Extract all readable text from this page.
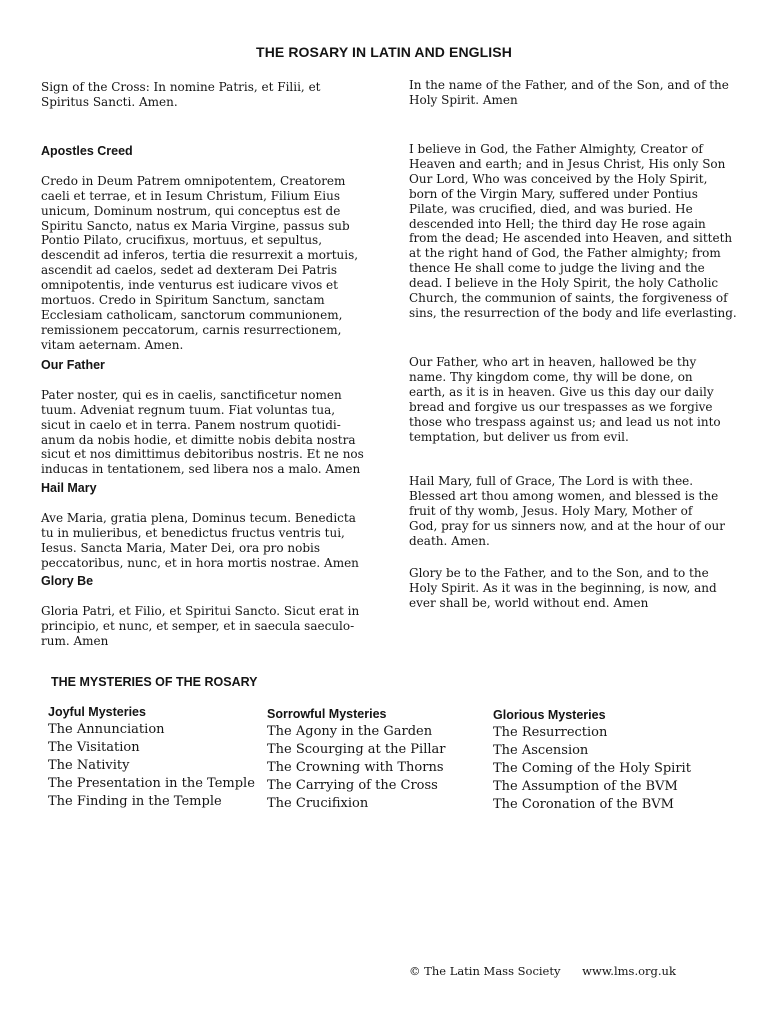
THE ROSARY IN LATIN AND ENGLISH

Sign of the Cross: In nomine Patris, et Filii, et
Spiritus Sancti. Amen.

Apostles Creed

Credo in Deum Patrem omnipotentem, Creatorem
caeli et terrae, et in Iesum Christum, Filium Eius
unicum, Dominum nostrum, qui conceptus est de
Spiritu Sancto, natus ex Maria Virgine, passus sub
Pontio Pilato, crucifixus, mortuus, et sepultus,
descendit ad inferos, tertia die resurrexit a mortuis,
ascendit ad caelos, sedet ad dexteram Dei Patris
omnipotentis, inde venturus est iudicare vivos et
mortuos. Credo in Spiritum Sanctum, sanctam
Ecclesiam catholicam, sanctorum communionem,
remissionem peccatorum, carnis resurrectionem,
vitam aeternam. Amen.

Our Father

Pater noster, qui es in caelis, sanctificetur nomen
tuum. Adveniat regnum tuum. Fiat voluntas tua,
sicut in caelo et in terra. Panem nostrum quotidi-
anum da nobis hodie, et dimitte nobis debita nostra
sicut et nos dimittimus debitoribus nostris. Et ne nos
inducas in tentationem, sed libera nos a malo. Amen

Hail Mary

Ave Maria, gratia plena, Dominus tecum. Benedicta
tu in mulieribus, et benedictus fructus ventris tui,
Iesus. Sancta Maria, Mater Dei, ora pro nobis
peccatoribus, nunc, et in hora mortis nostrae. Amen

Glory Be

Gloria Patri, et Filio, et Spiritui Sancto. Sicut erat in
principio, et nunc, et semper, et in saecula saeculo-
rum. Amen

In the name of the Father, and of the Son, and of the
Holy Spirit. Amen

I believe in God, the Father Almighty, Creator of
Heaven and earth; and in Jesus Christ, His only Son
Our Lord, Who was conceived by the Holy Spirit,
born of the Virgin Mary, suffered under Pontius
Pilate, was crucified, died, and was buried. He
descended into Hell; the third day He rose again
from the dead; He ascended into Heaven, and sitteth
at the right hand of God, the Father almighty; from
thence He shall come to judge the living and the
dead. I believe in the Holy Spirit, the holy Catholic
Church, the communion of saints, the forgiveness of
sins, the resurrection of the body and life everlasting.

Our Father, who art in heaven, hallowed be thy
name. Thy kingdom come, thy will be done, on
earth, as it is in heaven. Give us this day our daily
bread and forgive us our trespasses as we forgive
those who trespass against us; and lead us not into
temptation, but deliver us from evil.

Hail Mary, full of Grace, The Lord is with thee.
Blessed art thou among women, and blessed is the
fruit of thy womb, Jesus. Holy Mary, Mother of
God, pray for us sinners now, and at the hour of our
death. Amen.

Glory be to the Father, and to the Son, and to the
Holy Spirit. As it was in the beginning, is now, and
ever shall be, world without end. Amen

THE MYSTERIES OF THE ROSARY
Joyful Mysteries
The Annunciation
The Visitation
The Nativity
The Presentation in the Temple
The Finding in the Temple
Sorrowful Mysteries
The Agony in the Garden
The Scourging at the Pillar
The Crowning with Thorns
The Carrying of the Cross
The Crucifixion
Glorious Mysteries
The Resurrection
The Ascension
The Coming of the Holy Spirit
The Assumption of the BVM
The Coronation of the BVM
© The Latin Mass Society www.lms.org.uk
